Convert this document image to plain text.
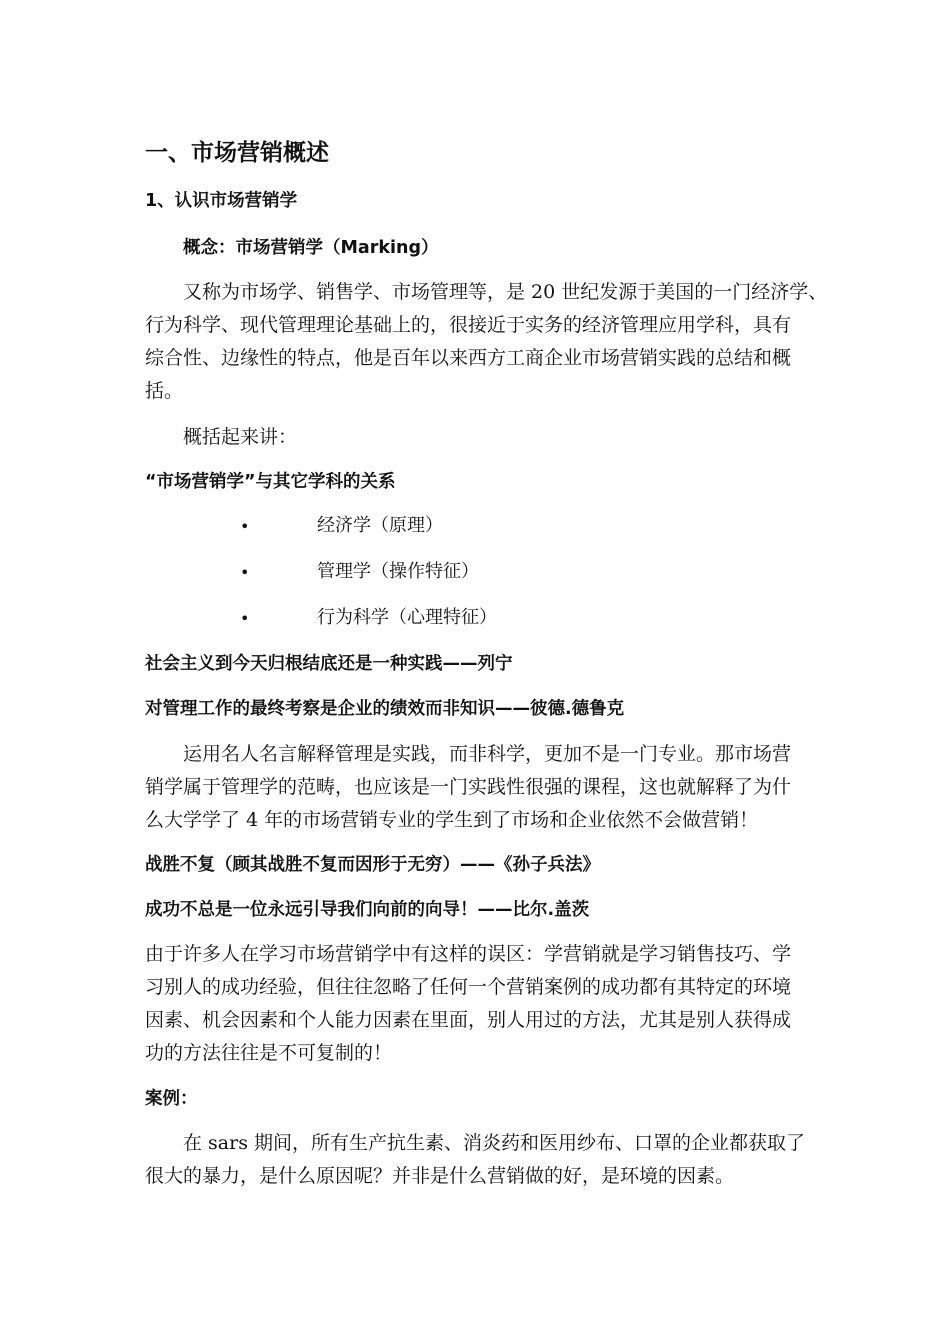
一、市场营销概述
1、认识市场营销学
概念：市场营销学（Marking）
又称为市场学、销售学、市场管理等，是 20 世纪发源于美国的一门经济学、
行为科学、现代管理理论基础上的，很接近于实务的经济管理应用学科，具有
综合性、边缘性的特点，他是百年以来西方工商企业市场营销实践的总结和概
括。
概括起来讲：
“市场营销学”与其它学科的关系
•	经济学（原理）
•	管理学（操作特征）
•	行为科学（心理特征）
社会主义到今天归根结底还是一种实践——列宁
对管理工作的最终考察是企业的绩效而非知识——彼德.德鲁克
运用名人名言解释管理是实践，而非科学，更加不是一门专业。那市场营
销学属于管理学的范畴，也应该是一门实践性很强的课程，这也就解释了为什
么大学学了 4 年的市场营销专业的学生到了市场和企业依然不会做营销！
战胜不复（顾其战胜不复而因形于无穷）——《孙子兵法》
成功不总是一位永远引导我们向前的向导！——比尔.盖茨
由于许多人在学习市场营销学中有这样的误区：学营销就是学习销售技巧、学
习别人的成功经验，但往往忽略了任何一个营销案例的成功都有其特定的环境
因素、机会因素和个人能力因素在里面，别人用过的方法，尤其是别人获得成
功的方法往往是不可复制的！
案例：
在 sars 期间，所有生产抗生素、消炎药和医用纱布、口罩的企业都获取了
很大的暴力，是什么原因呢？并非是什么营销做的好，是环境的因素。
